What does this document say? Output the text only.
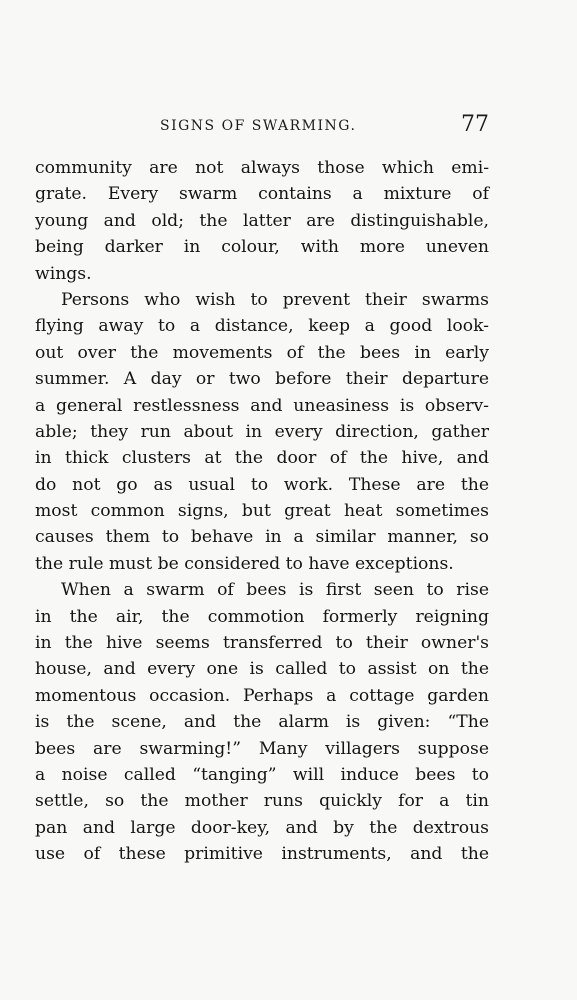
SIGNS OF SWARMING.	77
community are not always those which emi-
grate. Every swarm contains a mixture of
young and old; the latter are distinguishable,
being darker in colour, with more uneven
wings.
Persons who wish to prevent their swarms
flying away to a distance, keep a good look-
out over the movements of the bees in early
summer. A day or two before their departure
a general restlessness and uneasiness is observ-
able; they run about in every direction, gather
in thick clusters at the door of the hive, and
do not go as usual to work. These are the
most common signs, but great heat sometimes
causes them to behave in a similar manner, so
the rule must be considered to have exceptions.
When a swarm of bees is first seen to rise
in the air, the commotion formerly reigning
in the hive seems transferred to their owner's
house, and every one is called to assist on the
momentous occasion. Perhaps a cottage garden
is the scene, and the alarm is given: “The
bees are swarming!” Many villagers suppose
a noise called “tanging” will induce bees to
settle, so the mother runs quickly for a tin
pan and large door-key, and by the dextrous
use of these primitive instruments, and the
